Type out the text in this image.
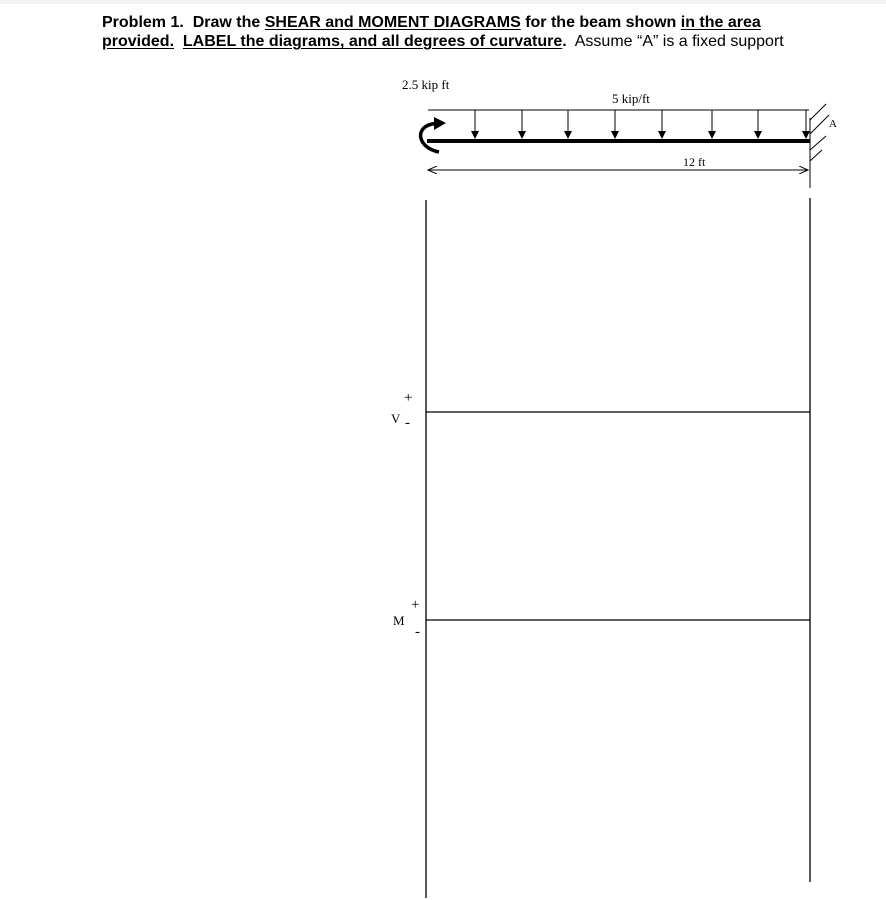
Problem 1. Draw the SHEAR and MOMENT DIAGRAMS for the beam shown in the area provided. LABEL the diagrams, and all degrees of curvature. Assume “A” is a fixed support

2.5 kip ft
5 kip/ft
12 ft
A
+
V -
+
M
-
